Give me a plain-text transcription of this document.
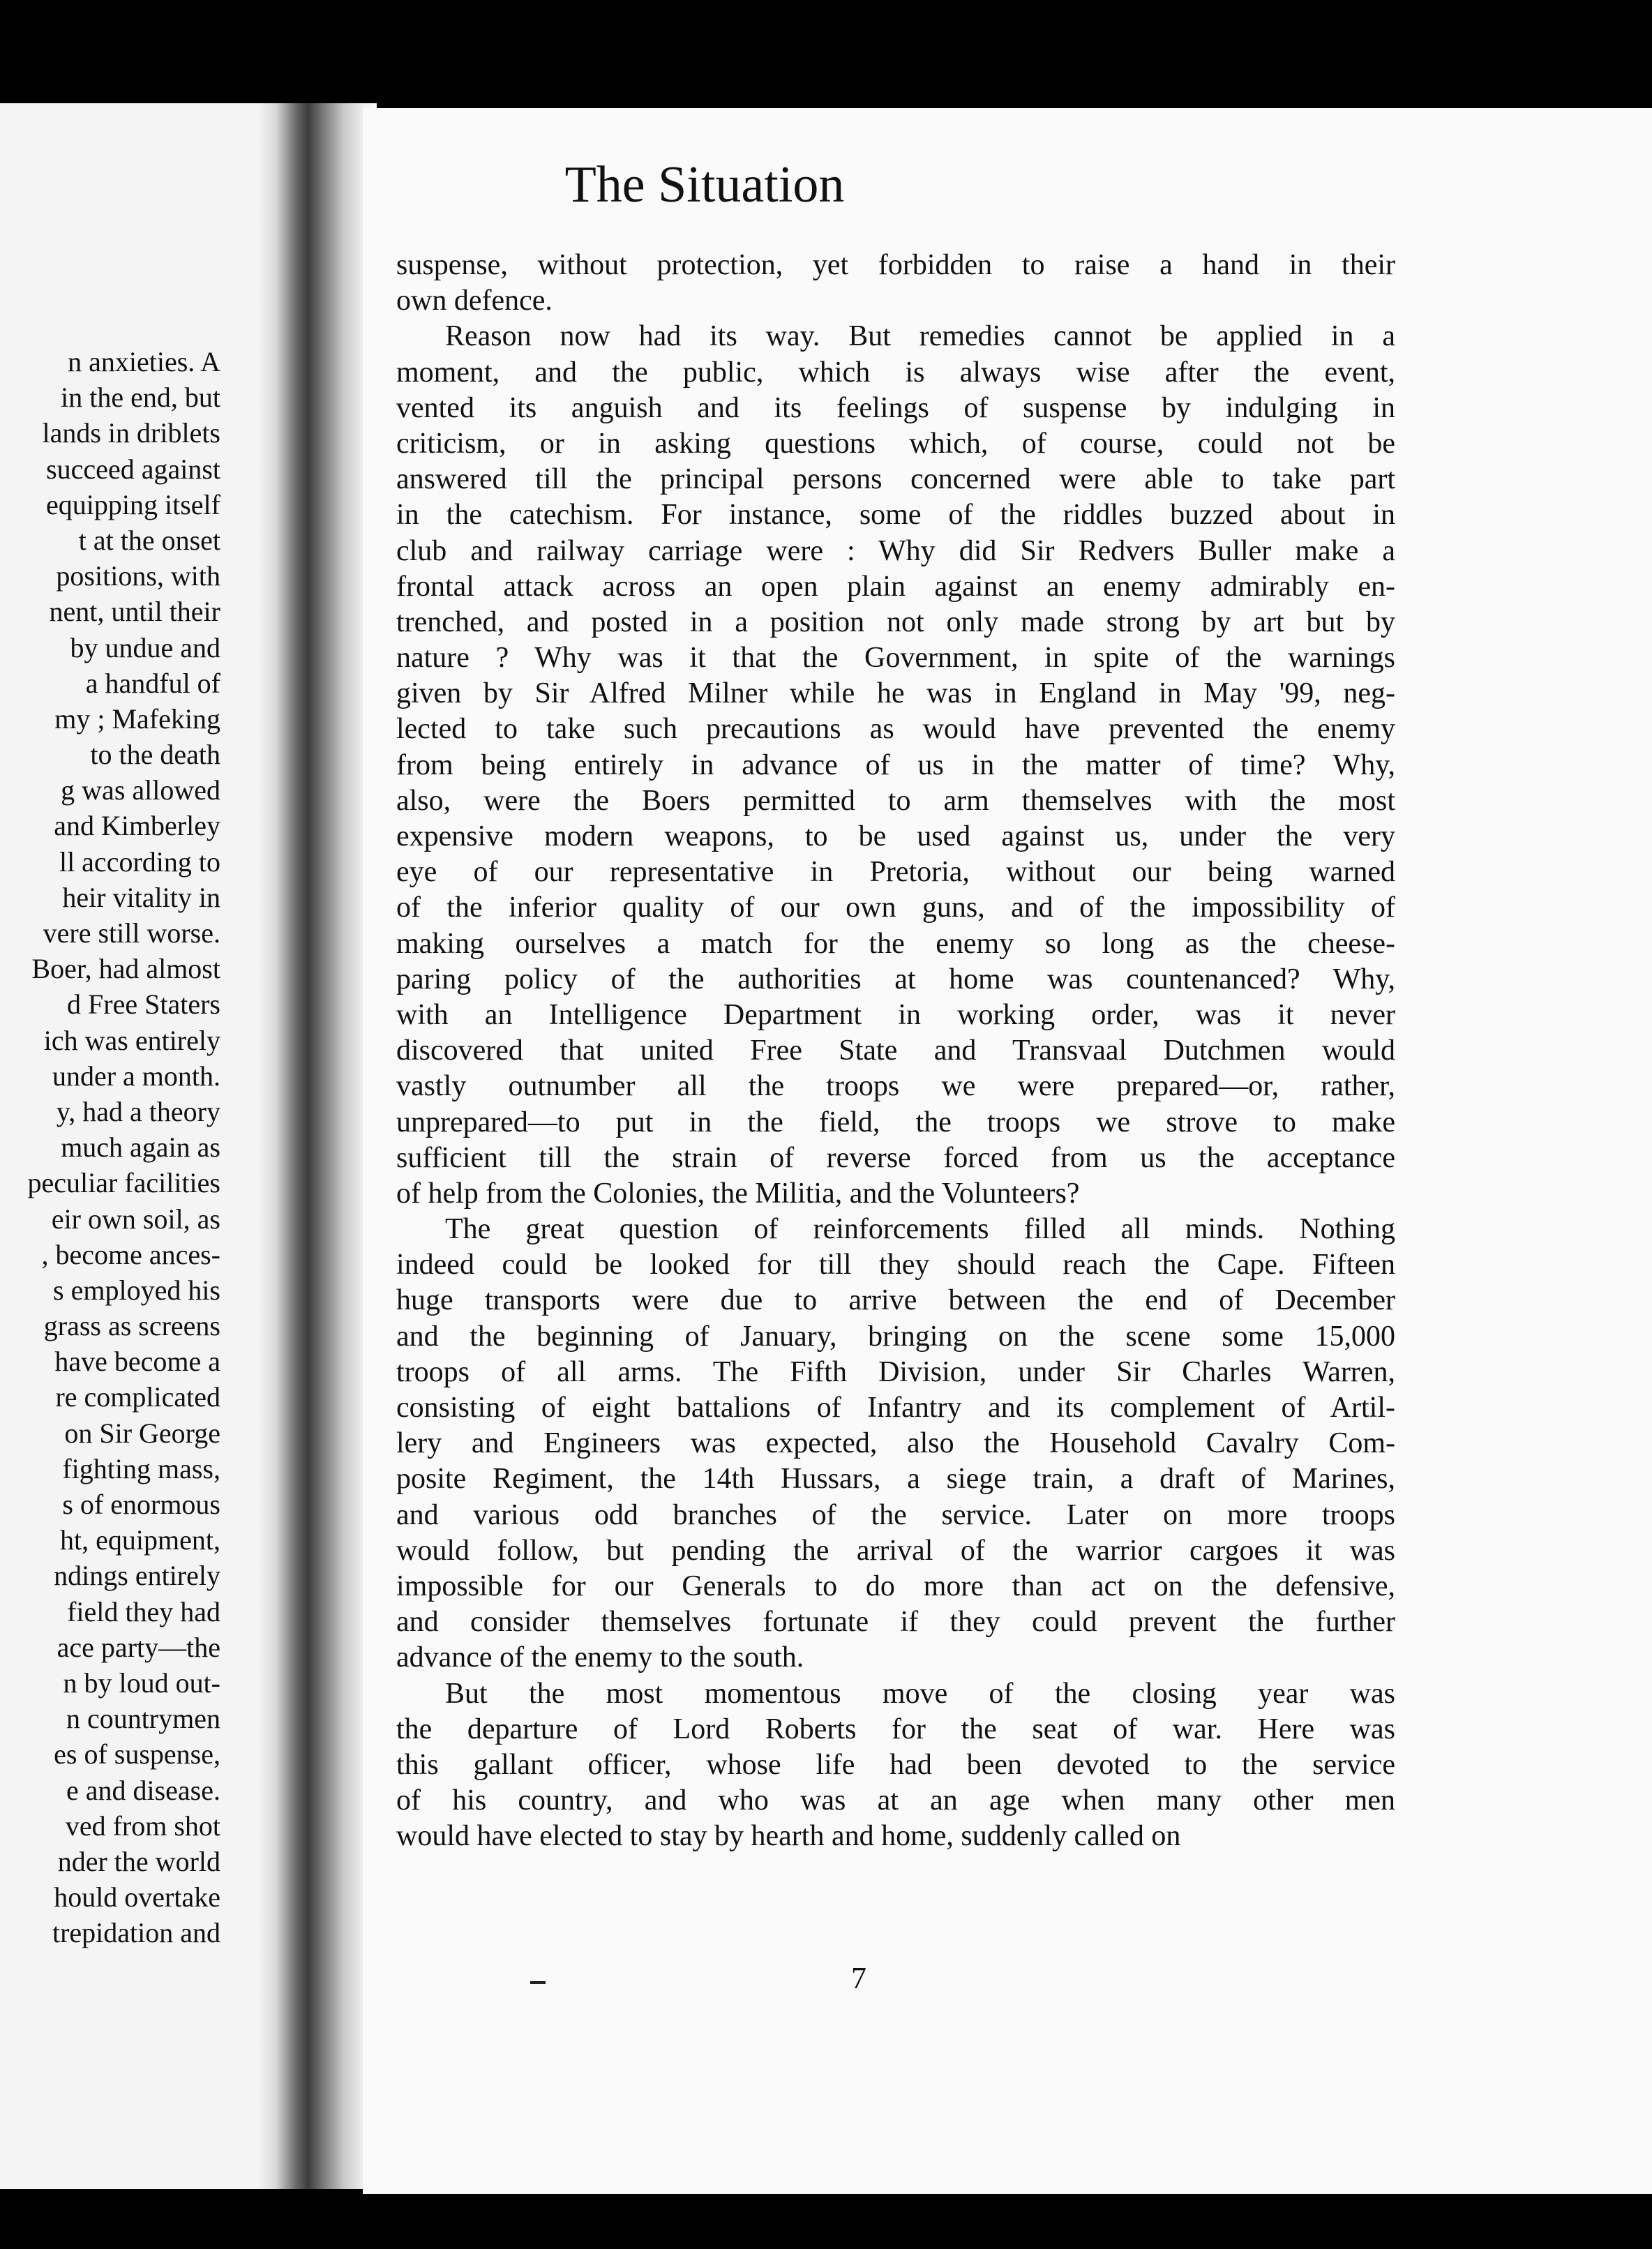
n anxieties. A
in the end, but
lands in driblets
succeed against
equipping itself
t at the onset
positions, with
nent, until their
by undue and
a handful of
my ; Mafeking
to the death
g was allowed
and Kimberley
ll according to
heir vitality in
vere still worse.
Boer, had almost
d Free Staters
ich was entirely
under a month.
y, had a theory
much again as
peculiar facilities
eir own soil, as
, become ances-
s employed his
grass as screens
have become a
re complicated
on Sir George
fighting mass,
s of enormous
ht, equipment,
ndings entirely
field they had
ace party—the
n by loud out-
n countrymen
es of suspense,
e and disease.
ved from shot
nder the world
hould overtake
trepidation and
The Situation
suspense, without protection, yet forbidden to raise a hand in their
own defence.
Reason now had its way. But remedies cannot be applied in a
moment, and the public, which is always wise after the event,
vented its anguish and its feelings of suspense by indulging in
criticism, or in asking questions which, of course, could not be
answered till the principal persons concerned were able to take part
in the catechism. For instance, some of the riddles buzzed about in
club and railway carriage were : Why did Sir Redvers Buller make a
frontal attack across an open plain against an enemy admirably en-
trenched, and posted in a position not only made strong by art but by
nature ? Why was it that the Government, in spite of the warnings
given by Sir Alfred Milner while he was in England in May '99, neg-
lected to take such precautions as would have prevented the enemy
from being entirely in advance of us in the matter of time? Why,
also, were the Boers permitted to arm themselves with the most
expensive modern weapons, to be used against us, under the very
eye of our representative in Pretoria, without our being warned
of the inferior quality of our own guns, and of the impossibility of
making ourselves a match for the enemy so long as the cheese-
paring policy of the authorities at home was countenanced? Why,
with an Intelligence Department in working order, was it never
discovered that united Free State and Transvaal Dutchmen would
vastly outnumber all the troops we were prepared—or, rather,
unprepared—to put in the field, the troops we strove to make
sufficient till the strain of reverse forced from us the acceptance
of help from the Colonies, the Militia, and the Volunteers?
The great question of reinforcements filled all minds. Nothing
indeed could be looked for till they should reach the Cape. Fifteen
huge transports were due to arrive between the end of December
and the beginning of January, bringing on the scene some 15,000
troops of all arms. The Fifth Division, under Sir Charles Warren,
consisting of eight battalions of Infantry and its complement of Artil-
lery and Engineers was expected, also the Household Cavalry Com-
posite Regiment, the 14th Hussars, a siege train, a draft of Marines,
and various odd branches of the service. Later on more troops
would follow, but pending the arrival of the warrior cargoes it was
impossible for our Generals to do more than act on the defensive,
and consider themselves fortunate if they could prevent the further
advance of the enemy to the south.
But the most momentous move of the closing year was
the departure of Lord Roberts for the seat of war. Here was
this gallant officer, whose life had been devoted to the service
of his country, and who was at an age when many other men
would have elected to stay by hearth and home, suddenly called on
7
